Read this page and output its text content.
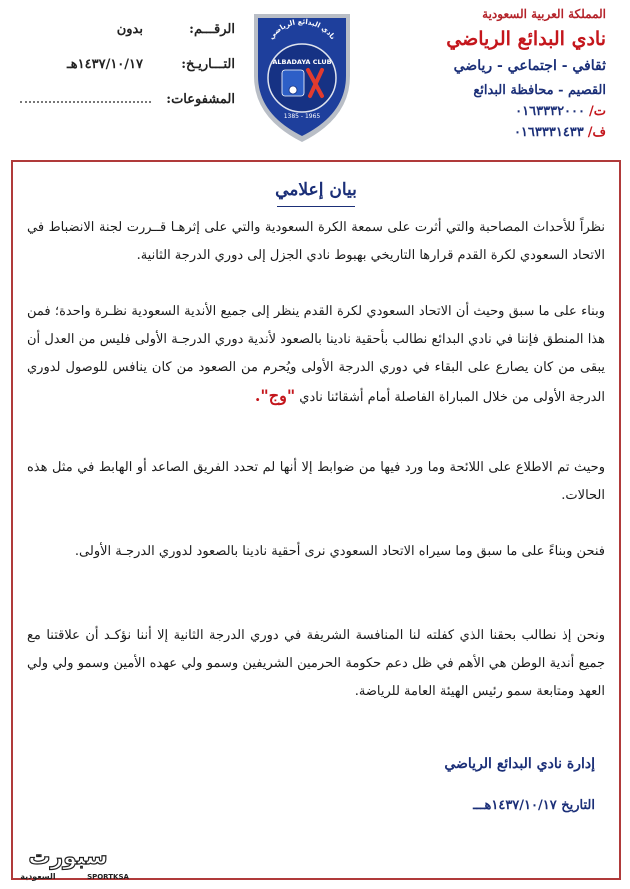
المملكة العربية السعودية
نادي البدائع الرياضي
ثقافي - اجتماعي - رياضي
القصيم - محافظة البدائع
ت/
٠١٦٣٣٣٢٠٠٠
ف/
٠١٦٣٣٣١٤٣٣
نادي البدائع الرياضي
ALBADAYA CLUB
1385 - 1965
الرقـــم:
بدون
التـــاريـخ:
١٤٣٧/١٠/١٧هـ
المشفوعات:
بيان إعلامي

نظراً للأحداث المصاحبة والتي أثرت على سمعة الكرة السعودية والتي على إثرهـا قــررت لجنة الانضباط في الاتحاد السعودي لكرة القدم قرارها التاريخي بهبوط نادي الجزل إلى دوري الدرجة الثانية.

وبناء على ما سبق وحيث أن الاتحاد السعودي لكرة القدم ينظر إلى جميع الأندية السعودية نظـرة واحدة؛ فمن هذا المنطق فإننا في نادي البدائع نطالب بأحقية نادينا بالصعود لأندية دوري الدرجـة الأولى فليس من العدل أن يبقى من كان يصارع على البقاء في دوري الدرجة الأولى ويُحرم من الصعود من كان ينافس للوصول لدوري الدرجة الأولى من خلال المباراة الفاصلة أمام أشقائنا نادي "وج".

وحيث تم الاطلاع على اللائحة وما ورد فيها من ضوابط إلا أنها لم تحدد الفريق الصاعد أو الهابط في مثل هذه الحالات.

فنحن وبناءً على ما سبق وما سيراه الاتحاد السعودي نرى أحقية نادينا بالصعود لدوري الدرجـة الأولى.

ونحن إذ نطالب بحقنا الذي كفلته لنا المنافسة الشريفة في دوري الدرجة الثانية إلا أننا نؤكـد أن علاقتنا مع جميع أندية الوطن هي الأهم في ظل دعم حكومة الحرمين الشريفين وسمو ولي عهده الأمين وسمو ولي ولي العهد ومتابعة سمو رئيس الهيئة العامة للرياضة.

إدارة نادي البدائع الرياضي
التاريخ ١٤٣٧/١٠/١٧هـــ
سبورت
السعودية	SPORTKSA
